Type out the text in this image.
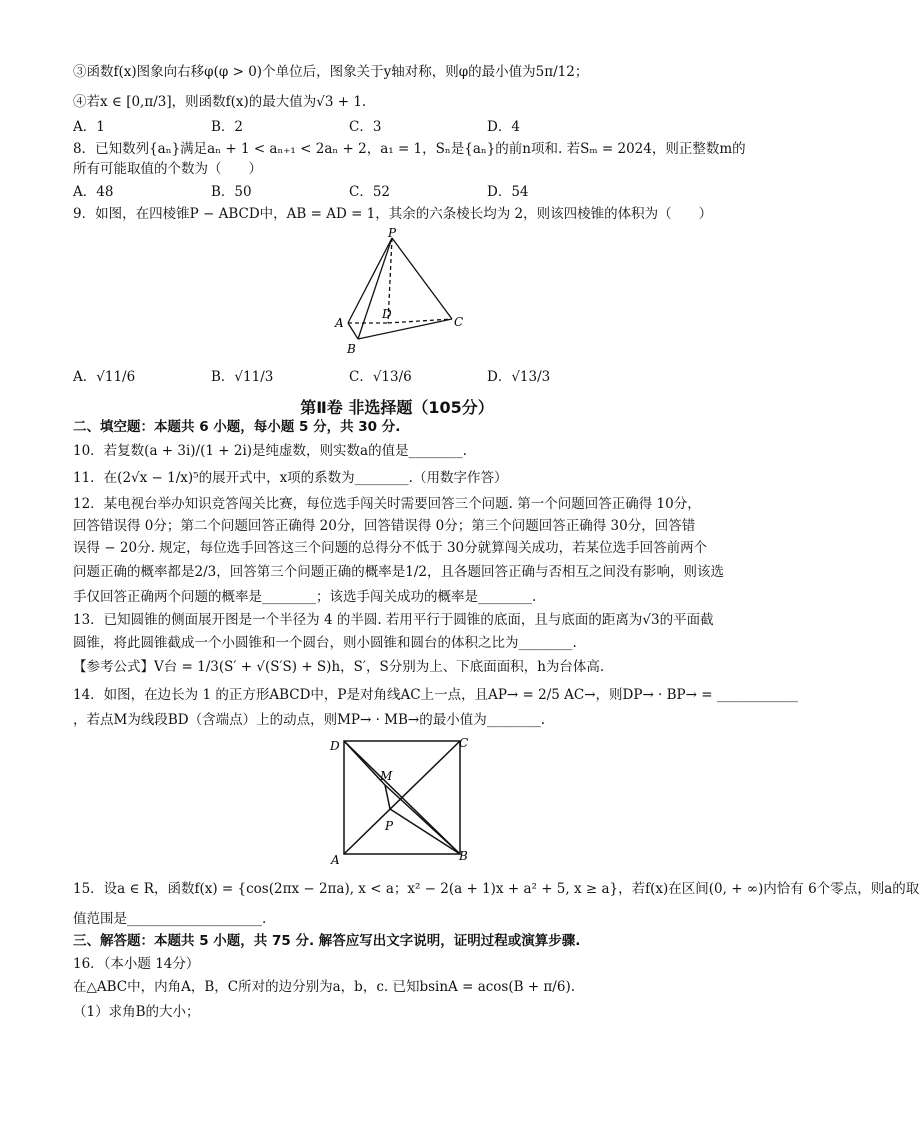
③函数f(x)图象向右移φ(φ > 0)个单位后，图象关于y轴对称，则φ的最小值为5π/12；
④若x ∈ [0,π/3]，则函数f(x)的最大值为√3 + 1.
A．1	B．2	C．3	D．4
8．已知数列{aₙ}满足aₙ + 1 < aₙ₊₁ < 2aₙ + 2，a₁ = 1，Sₙ是{aₙ}的前n项和. 若Sₘ = 2024，则正整数m的
所有可能取值的个数为（　　）
A．48	B．50	C．52	D．54
9．如图，在四棱锥P − ABCD中，AB = AD = 1，其余的六条棱长均为 2，则该四棱锥的体积为（　　）
P
A
B
C
D
A．√11/6	B．√11/3	C．√13/6	D．√13/3
第Ⅱ卷 非选择题（105分）
二、填空题：本题共 6 小题，每小题 5 分，共 30 分.
10．若复数(a + 3i)/(1 + 2i)是纯虚数，则实数a的值是________.
11．在(2√x − 1/x)⁵的展开式中，x项的系数为________.（用数字作答）
12．某电视台举办知识竞答闯关比赛，每位选手闯关时需要回答三个问题. 第一个问题回答正确得 10分，
回答错误得 0分；第二个问题回答正确得 20分，回答错误得 0分；第三个问题回答正确得 30分，回答错
误得 − 20分. 规定，每位选手回答这三个问题的总得分不低于 30分就算闯关成功，若某位选手回答前两个
问题正确的概率都是2/3，回答第三个问题正确的概率是1/2，且各题回答正确与否相互之间没有影响，则该选
手仅回答正确两个问题的概率是________；该选手闯关成功的概率是________.
13．已知圆锥的侧面展开图是一个半径为 4 的半圆. 若用平行于圆锥的底面，且与底面的距离为√3的平面截
圆锥，将此圆锥截成一个小圆锥和一个圆台，则小圆锥和圆台的体积之比为________.
【参考公式】V台 = 1/3(S′ + √(S′S) + S)h，S′，S分别为上、下底面面积，h为台体高.
14．如图，在边长为 1 的正方形ABCD中，P是对角线AC上一点，且AP→ = 2/5 AC→，则DP→ · BP→ = ____________
，若点M为线段BD（含端点）上的动点，则MP→ · MB→的最小值为________.
D	C
A	B
M
P
15．设a ∈ R，函数f(x) = {cos(2πx − 2πa), x < a；x² − 2(a + 1)x + a² + 5, x ≥ a}，若f(x)在区间(0, + ∞)内恰有 6个零点，则a的取
值范围是____________________.
三、解答题：本题共 5 小题，共 75 分. 解答应写出文字说明，证明过程或演算步骤.
16．（本小题 14分）
在△ABC中，内角A，B，C所对的边分别为a，b，c. 已知bsinA = acos(B + π/6).
（1）求角B的大小；
